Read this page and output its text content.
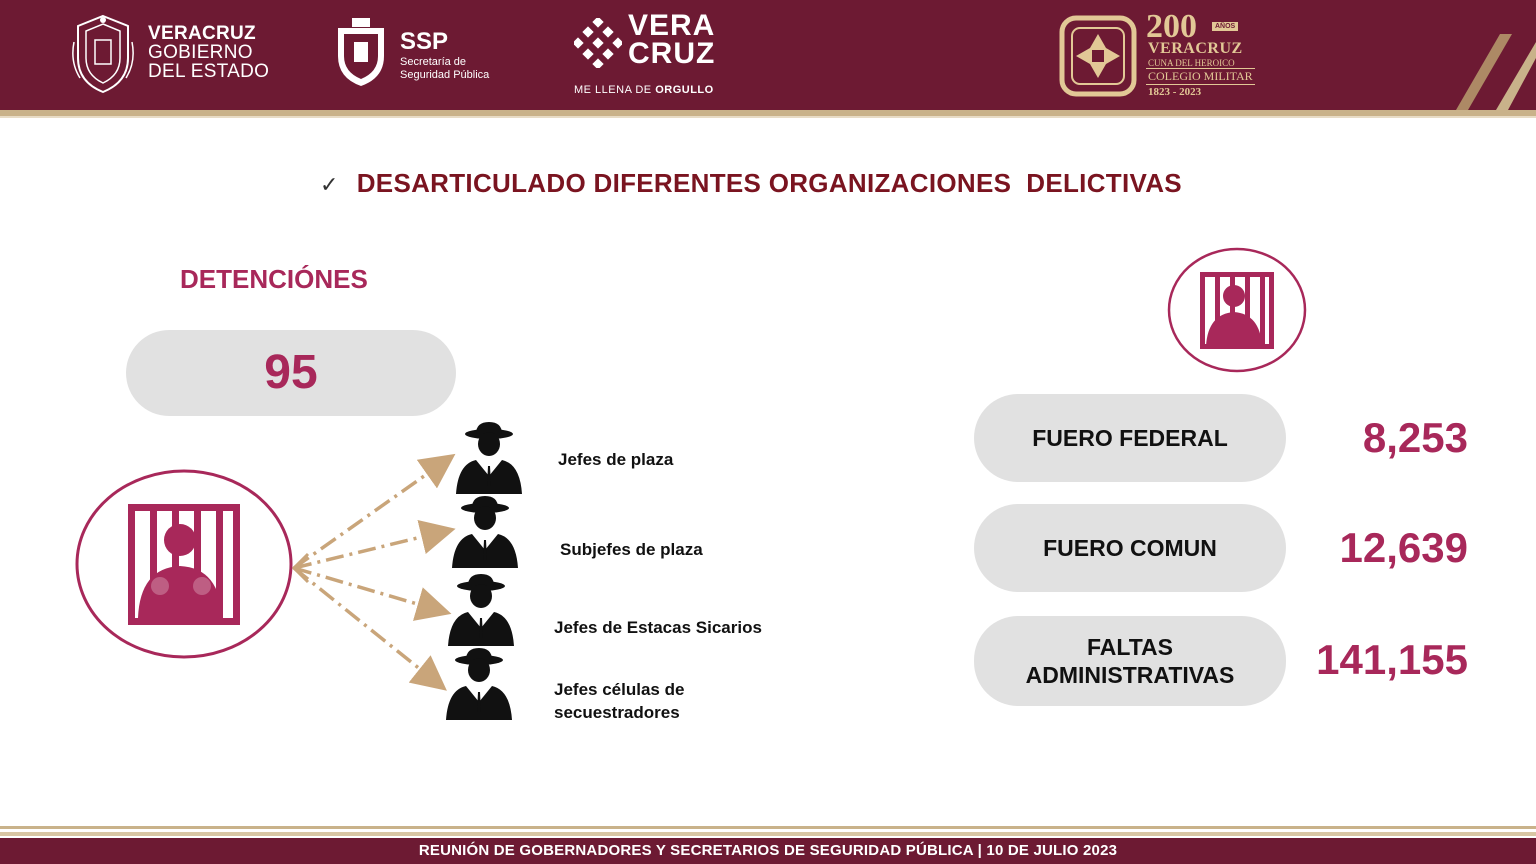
VERACRUZ
GOBIERNO
DEL ESTADO
SSP
Secretaría de
Seguridad Pública
VERA
CRUZ
ME LLENA DE ORGULLO
200	AÑOS
VERACRUZ
CUNA DEL HEROICO
COLEGIO MILITAR
1823 - 2023
✓ DESARTICULADO DIFERENTES ORGANIZACIONES  DELICTIVAS
DETENCIÓNES
95
Jefes de plaza
Subjefes de plaza
Jefes de Estacas Sicarios
Jefes células de
secuestradores
FUERO FEDERAL	8,253
FUERO COMUN	12,639
FALTAS
ADMINISTRATIVAS 141,155
REUNIÓN DE GOBERNADORES Y SECRETARIOS DE SEGURIDAD PÚBLICA | 10 DE JULIO 2023
